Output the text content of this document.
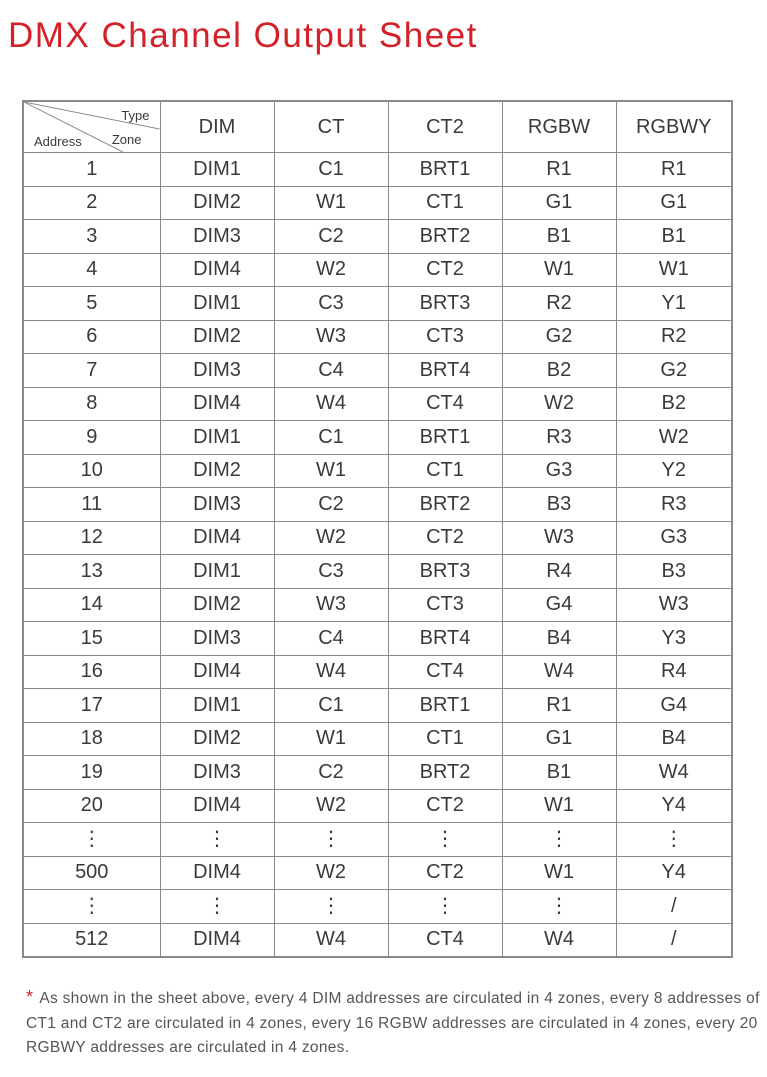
DMX Channel Output Sheet
Type
Zone
Address	DIM	CT	CT2	RGBW	RGBWY
1	DIM1	C1	BRT1	R1	R1
2	DIM2	W1	CT1	G1	G1
3	DIM3	C2	BRT2	B1	B1
4	DIM4	W2	CT2	W1	W1
5	DIM1	C3	BRT3	R2	Y1
6	DIM2	W3	CT3	G2	R2
7	DIM3	C4	BRT4	B2	G2
8	DIM4	W4	CT4	W2	B2
9	DIM1	C1	BRT1	R3	W2
10	DIM2	W1	CT1	G3	Y2
11	DIM3	C2	BRT2	B3	R3
12	DIM4	W2	CT2	W3	G3
13	DIM1	C3	BRT3	R4	B3
14	DIM2	W3	CT3	G4	W3
15	DIM3	C4	BRT4	B4	Y3
16	DIM4	W4	CT4	W4	R4
17	DIM1	C1	BRT1	R1	G4
18	DIM2	W1	CT1	G1	B4
19	DIM3	C2	BRT2	B1	W4
20	DIM4	W2	CT2	W1	Y4
⋮	⋮	⋮	⋮	⋮	⋮
500	DIM4	W2	CT2	W1	Y4
⋮	⋮	⋮	⋮	⋮	/
512	DIM4	W4	CT4	W4	/
* As shown in the sheet above, every 4 DIM addresses are circulated in 4 zones, every 8 addresses of CT1 and CT2 are circulated in 4 zones, every 16 RGBW addresses are circulated in 4 zones, every 20 RGBWY addresses are circulated in 4 zones.
